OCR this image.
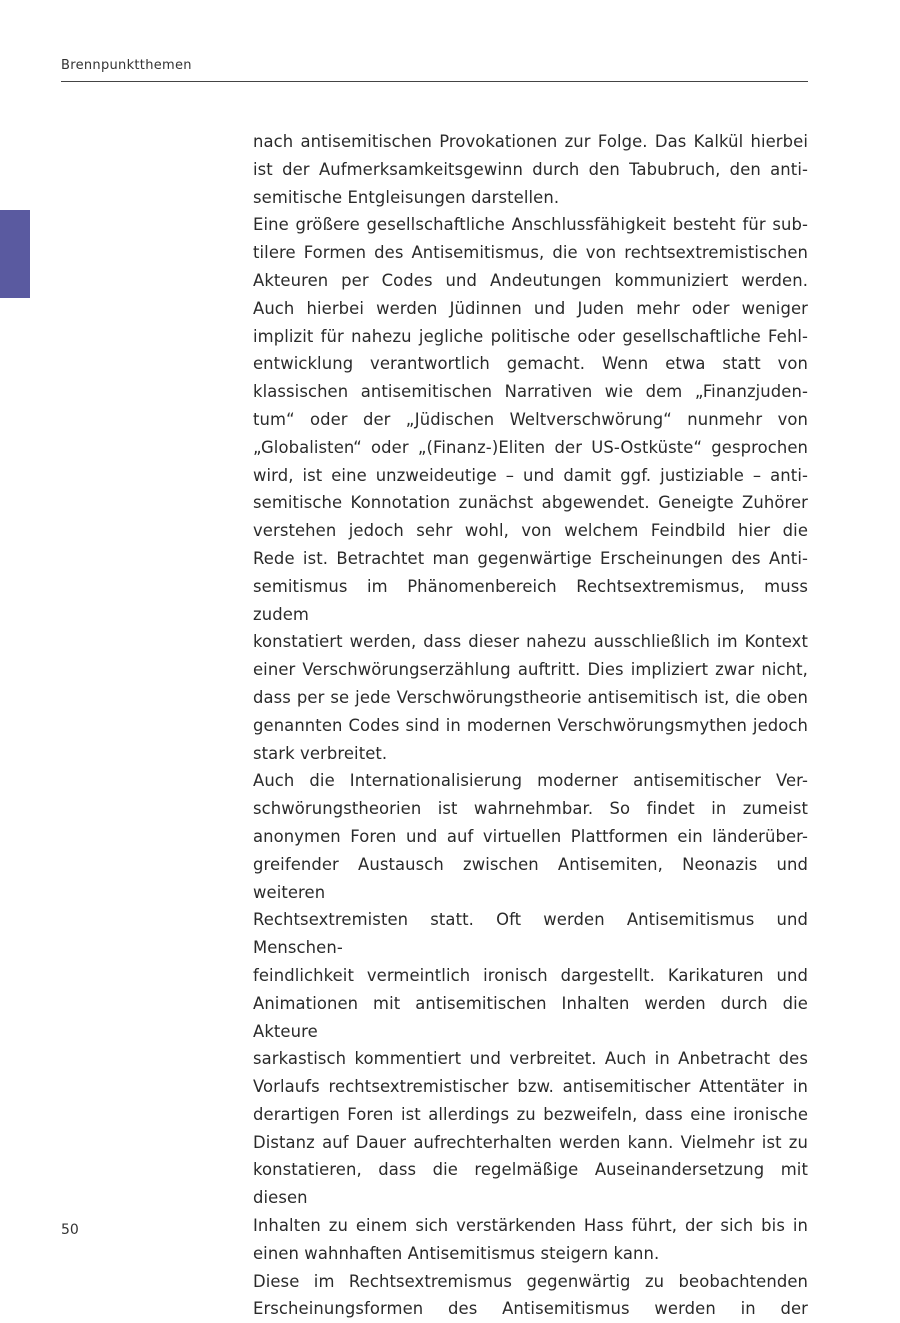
Brennpunktthemen

nach antisemitischen Provokationen zur Folge. Das Kalkül hierbei

ist der Aufmerksamkeitsgewinn durch den Tabubruch, den anti-

semitische Entgleisungen darstellen.

Eine größere gesellschaftliche Anschlussfähigkeit besteht für sub-

tilere Formen des Antisemitismus, die von rechtsextremistischen

Akteuren per Codes und Andeutungen kommuniziert werden.

Auch hierbei werden Jüdinnen und Juden mehr oder weniger

implizit für nahezu jegliche politische oder gesellschaftliche Fehl-

entwicklung verantwortlich gemacht. Wenn etwa statt von

klassischen antisemitischen Narrativen wie dem „Finanzjuden-

tum“ oder der „Jüdischen Weltverschwörung“ nunmehr von

„Globalisten“ oder „(Finanz-)Eliten der US-Ostküste“ gesprochen

wird, ist eine unzweideutige – und damit ggf. justiziable – anti-

semitische Konnotation zunächst abgewendet. Geneigte Zuhörer

verstehen jedoch sehr wohl, von welchem Feindbild hier die

Rede ist. Betrachtet man gegenwärtige Erscheinungen des Anti-

semitismus im Phänomenbereich Rechtsextremismus, muss zudem

konstatiert werden, dass dieser nahezu ausschließlich im Kontext

einer Verschwörungserzählung auftritt. Dies impliziert zwar nicht,

dass per se jede Verschwörungstheorie antisemitisch ist, die oben

genannten Codes sind in modernen Verschwörungsmythen jedoch

stark verbreitet.

Auch die Internationalisierung moderner antisemitischer Ver-

schwörungstheorien ist wahrnehmbar. So findet in zumeist

anonymen Foren und auf virtuellen Plattformen ein länderüber-

greifender Austausch zwischen Antisemiten, Neonazis und weiteren

Rechtsextremisten statt. Oft werden Antisemitismus und Menschen-

feindlichkeit vermeintlich ironisch dargestellt. Karikaturen und

Animationen mit antisemitischen Inhalten werden durch die Akteure

sarkastisch kommentiert und verbreitet. Auch in Anbetracht des

Vorlaufs rechtsextremistischer bzw. antisemitischer Attentäter in

derartigen Foren ist allerdings zu bezweifeln, dass eine ironische

Distanz auf Dauer aufrechterhalten werden kann. Vielmehr ist zu

konstatieren, dass die regelmäßige Auseinandersetzung mit diesen

Inhalten zu einem sich verstärkenden Hass führt, der sich bis in

einen wahnhaften Antisemitismus steigern kann.

Diese im Rechtsextremismus gegenwärtig zu beobachtenden

Erscheinungsformen des Antisemitismus werden in der

50
